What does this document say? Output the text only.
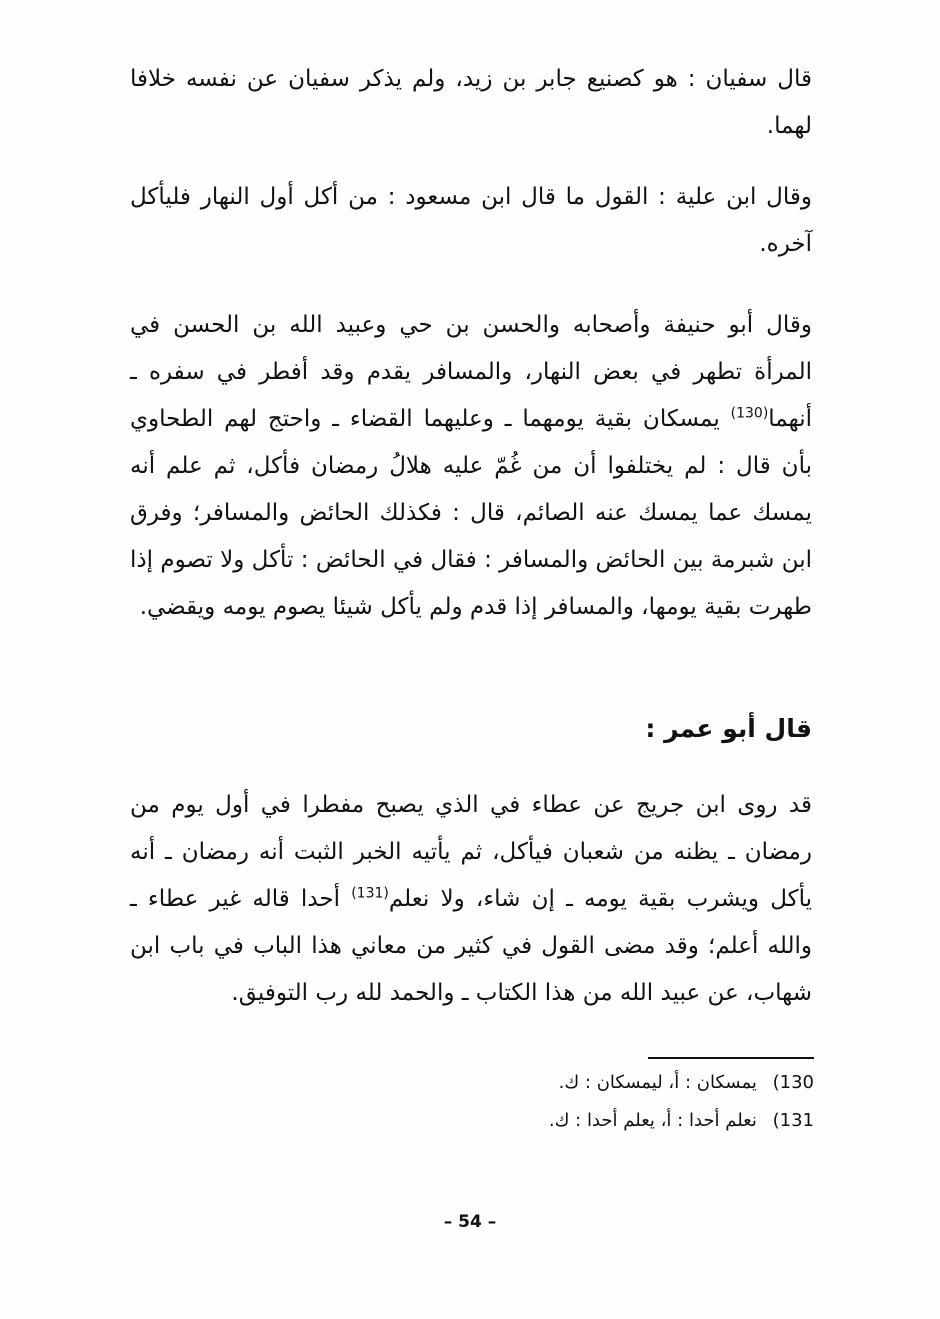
قال سفيان : هو كصنيع جابر بن زيد، ولم يذكر سفيان عن نفسه خلافا لهما.

وقال ابن علية : القول ما قال ابن مسعود : من أكل أول النهار فليأكل آخره.

وقال أبو حنيفة وأصحابه والحسن بن حي وعبيد الله بن الحسن في المرأة تطهر في بعض النهار، والمسافر يقدم وقد أفطر في سفره ـ أنهما$^{(130)}$ يمسكان بقية يومهما ـ وعليهما القضاء ـ واحتج لهم الطحاوي بأن قال : لم يختلفوا أن من غُمّ عليه هلالُ رمضان فأكل، ثم علم أنه يمسك عما يمسك عنه الصائم، قال : فكذلك الحائض والمسافر؛ وفرق ابن شبرمة بين الحائض والمسافر : فقال في الحائض : تأكل ولا تصوم إذا طهرت بقية يومها، والمسافر إذا قدم ولم يأكل شيئا يصوم يومه ويقضي.

قال أبو عمر :

قد روى ابن جريج عن عطاء في الذي يصبح مفطرا في أول يوم من رمضان ـ يظنه من شعبان فيأكل، ثم يأتيه الخبر الثبت أنه رمضان ـ أنه يأكل ويشرب بقية يومه ـ إن شاء، ولا نعلم$^{(131)}$ أحدا قاله غير عطاء ـ والله أعلم؛ وقد مضى القول في كثير من معاني هذا الباب في باب ابن شهاب، عن عبيد الله من هذا الكتاب ـ والحمد لله رب التوفيق.

130) يمسكان : أ، ليمسكان : ك.
131) نعلم أحدا : أ، يعلم أحدا : ك.
– 54 –
